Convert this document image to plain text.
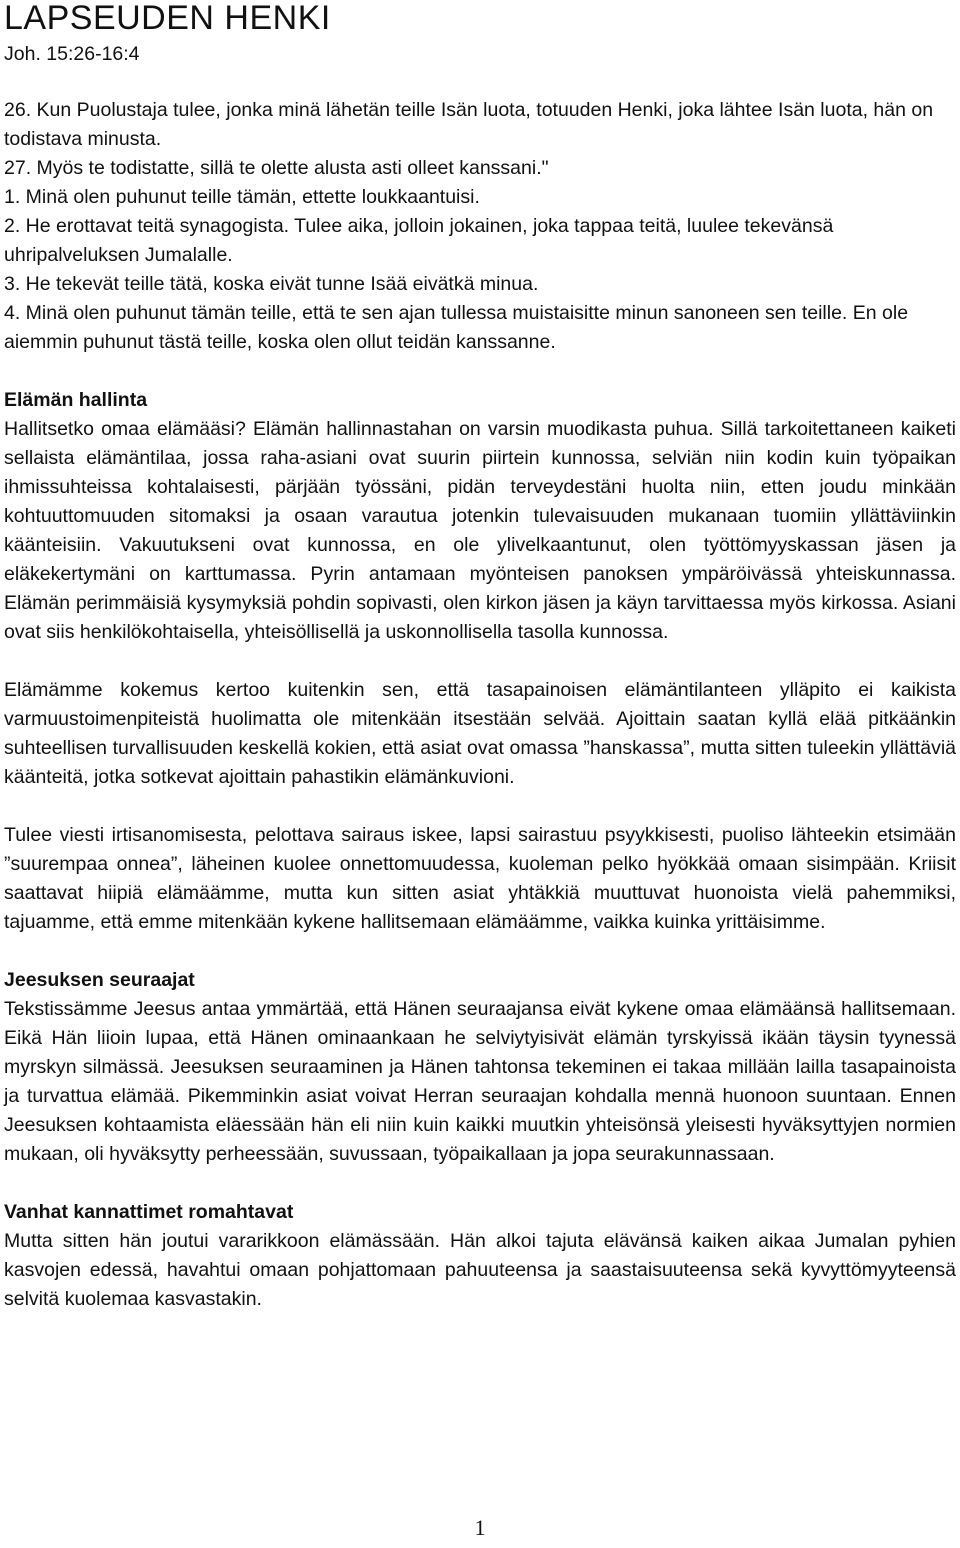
LAPSEUDEN HENKI
Joh. 15:26-16:4
26. Kun Puolustaja tulee, jonka minä lähetän teille Isän luota, totuuden Henki, joka lähtee Isän luota, hän on todistava minusta.
27. Myös te todistatte, sillä te olette alusta asti olleet kanssani."
1. Minä olen puhunut teille tämän, ettette loukkaantuisi.
2. He erottavat teitä synagogista. Tulee aika, jolloin jokainen, joka tappaa teitä, luulee tekevänsä uhripalveluksen Jumalalle.
3. He tekevät teille tätä, koska eivät tunne Isää eivätkä minua.
4. Minä olen puhunut tämän teille, että te sen ajan tullessa muistaisitte minun sanoneen sen teille. En ole aiemmin puhunut tästä teille, koska olen ollut teidän kanssanne.
Elämän hallinta

Hallitsetko omaa elämääsi? Elämän hallinnastahan on varsin muodikasta puhua. Sillä tarkoitettaneen kaiketi sellaista elämäntilaa, jossa raha-asiani ovat suurin piirtein kunnossa, selviän niin kodin kuin työpaikan ihmissuhteissa kohtalaisesti, pärjään työssäni, pidän terveydestäni huolta niin, etten joudu minkään kohtuuttomuuden sitomaksi ja osaan varautua jotenkin tulevaisuuden mukanaan tuomiin yllättäviinkin käänteisiin. Vakuutukseni ovat kunnossa, en ole ylivelkaantunut, olen työttömyyskassan jäsen ja eläkekertymäni on karttumassa. Pyrin antamaan myönteisen panoksen ympäröivässä yhteiskunnassa. Elämän perimmäisiä kysymyksiä pohdin sopivasti, olen kirkon jäsen ja käyn tarvittaessa myös kirkossa. Asiani ovat siis henkilökohtaisella, yhteisöllisellä ja uskonnollisella tasolla kunnossa.

Elämämme kokemus kertoo kuitenkin sen, että tasapainoisen elämäntilanteen ylläpito ei kaikista varmuustoimenpiteistä huolimatta ole mitenkään itsestään selvää. Ajoittain saatan kyllä elää pitkäänkin suhteellisen turvallisuuden keskellä kokien, että asiat ovat omassa ”hanskassa”, mutta sitten tuleekin yllättäviä käänteitä, jotka sotkevat ajoittain pahastikin elämänkuvioni.

Tulee viesti irtisanomisesta, pelottava sairaus iskee, lapsi sairastuu psyykkisesti, puoliso lähteekin etsimään ”suurempaa onnea”, läheinen kuolee onnettomuudessa, kuoleman pelko hyökkää omaan sisimpään. Kriisit saattavat hiipiä elämäämme, mutta kun sitten asiat yhtäkkiä muuttuvat huonoista vielä pahemmiksi, tajuamme, että emme mitenkään kykene hallitsemaan elämäämme, vaikka kuinka yrittäisimme.

Jeesuksen seuraajat

Tekstissämme Jeesus antaa ymmärtää, että Hänen seuraajansa eivät kykene omaa elämäänsä hallitsemaan. Eikä Hän liioin lupaa, että Hänen ominaankaan he selviytyisivät elämän tyrskyissä ikään täysin tyynessä myrskyn silmässä. Jeesuksen seuraaminen ja Hänen tahtonsa tekeminen ei takaa millään lailla tasapainoista ja turvattua elämää. Pikemminkin asiat voivat Herran seuraajan kohdalla mennä huonoon suuntaan. Ennen Jeesuksen kohtaamista eläessään hän eli niin kuin kaikki muutkin yhteisönsä yleisesti hyväksyttyjen normien mukaan, oli hyväksytty perheessään, suvussaan, työpaikallaan ja jopa seurakunnassaan.

Vanhat kannattimet romahtavat

Mutta sitten hän joutui vararikkoon elämässään. Hän alkoi tajuta elävänsä kaiken aikaa Jumalan pyhien kasvojen edessä, havahtui omaan pohjattomaan pahuuteensa ja saastaisuuteensa sekä kyvyttömyyteensä selvitä kuolemaa kasvastakin.

1
